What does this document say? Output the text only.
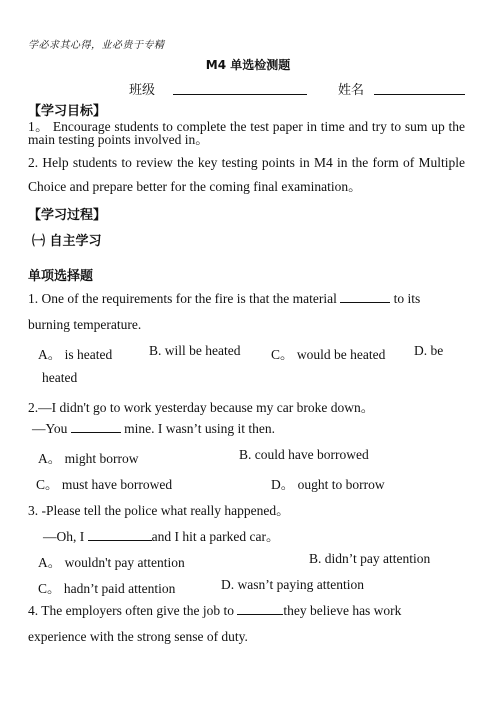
学必求其心得，业必贵于专精
M4 单选检测题
班级	姓名
【学习目标】
1。 Encourage students to complete the test paper in time and try to sum up the main testing points involved in。
2. Help students to review the key testing points in M4 in the form of Multiple Choice and prepare better for the coming final examination。
【学习过程】
㈠ 自主学习
单项选择题
1. One of the requirements for the fire is that the material	to its
burning temperature.
A。 is heated	B. will be heated C。 would be heated D. be
heated
2.—I didn't go to work yesterday because my car broke down。
—You	mine. I wasn’t using it then.
A。 might borrow	B. could have borrowed
C。 must have borrowed	D。 ought to borrow
3. -Please tell the police what really happened。
—Oh, I	and I hit a parked car。
A。 wouldn't pay attention	B. didn’t pay attention
C。 hadn’t paid attention	D. wasn’t paying attention
4. The employers often give the job to	they believe has work
experience with the strong sense of duty.
